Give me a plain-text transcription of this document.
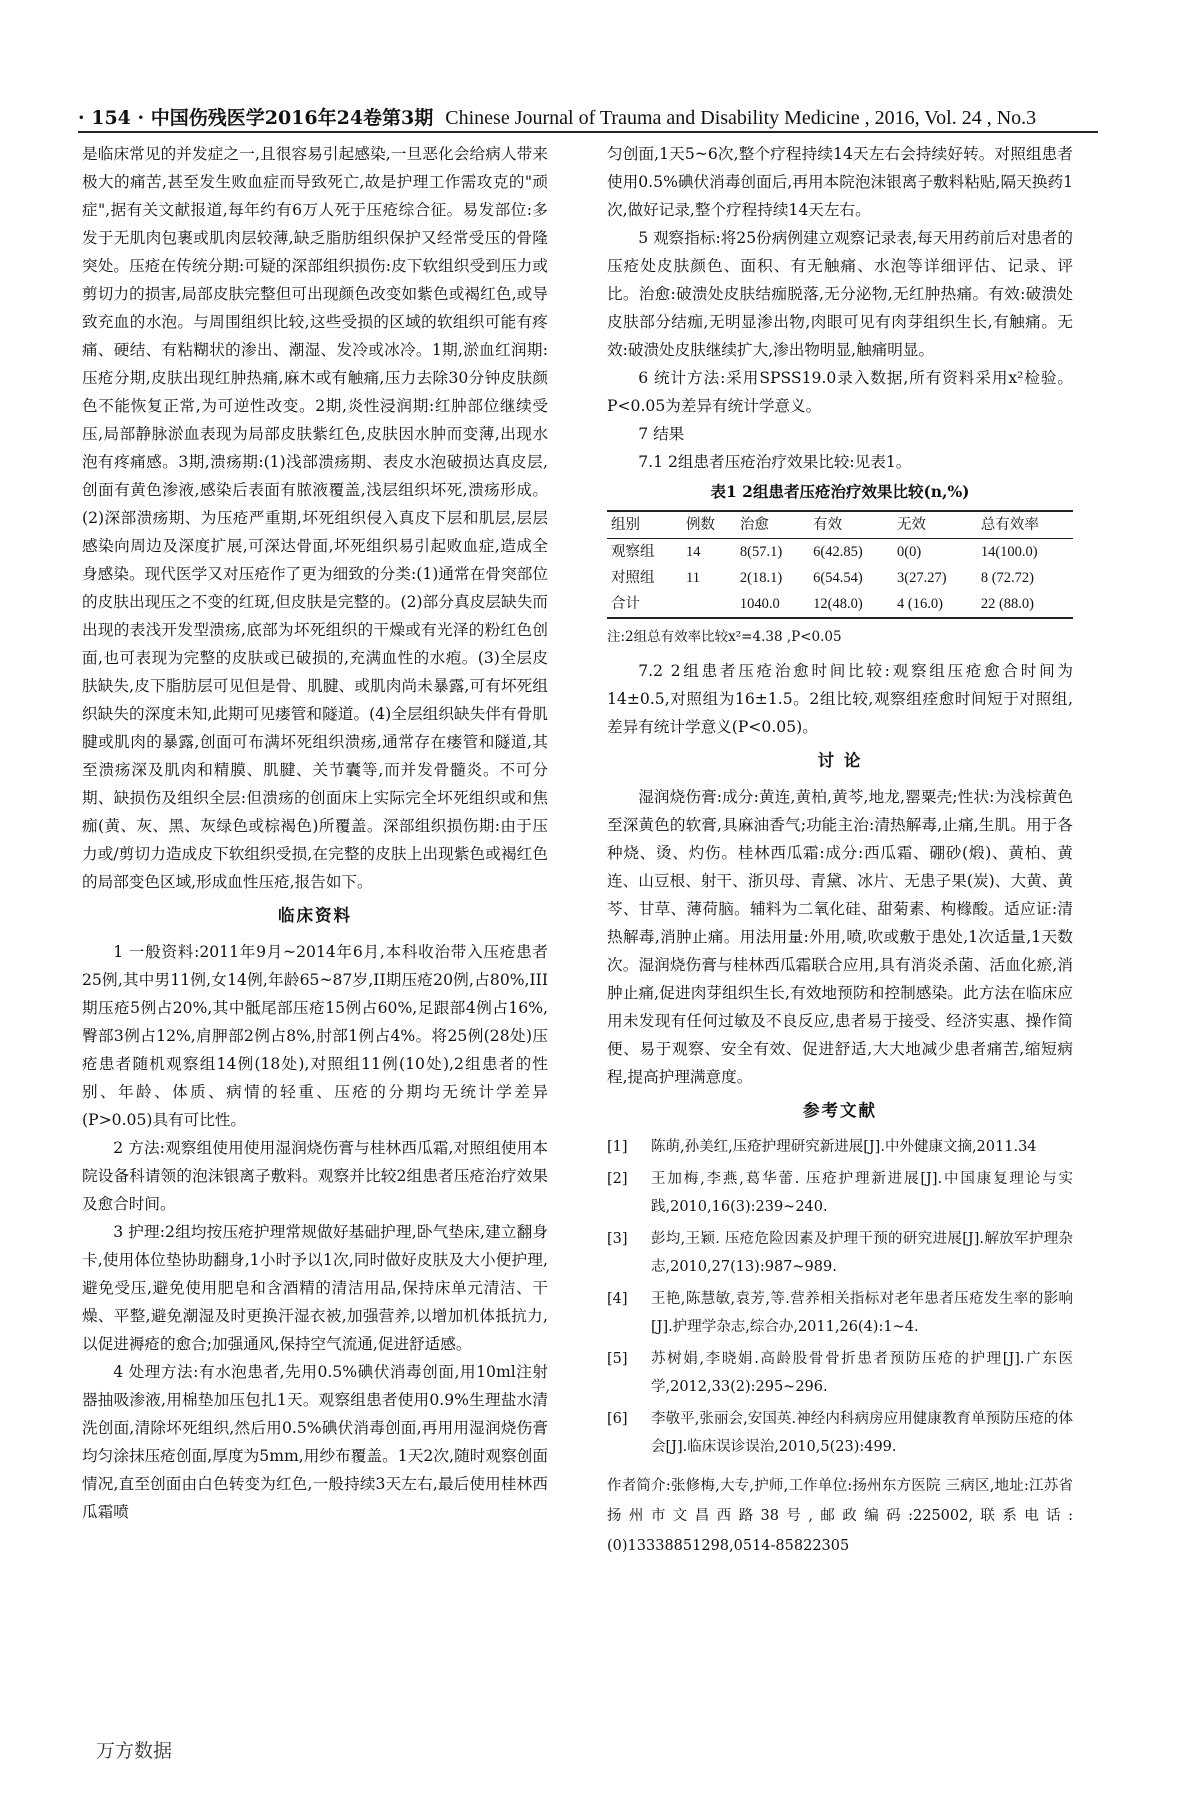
· 154 · 中国伤残医学2016年24卷第3期 Chinese Journal of Trauma and Disability Medicine , 2016, Vol. 24 , No.3

是临床常见的并发症之一,且很容易引起感染,一旦恶化会给病人带来极大的痛苦,甚至发生败血症而导致死亡,故是护理工作需攻克的"顽症",据有关文献报道,每年约有6万人死于压疮综合征。易发部位:多发于无肌肉包裹或肌肉层较薄,缺乏脂肪组织保护又经常受压的骨隆突处。压疮在传统分期:可疑的深部组织损伤:皮下软组织受到压力或剪切力的损害,局部皮肤完整但可出现颜色改变如紫色或褐红色,或导致充血的水泡。与周围组织比较,这些受损的区域的软组织可能有疼痛、硬结、有粘糊状的渗出、潮湿、发冷或冰冷。1期,淤血红润期:压疮分期,皮肤出现红肿热痛,麻木或有触痛,压力去除30分钟皮肤颜色不能恢复正常,为可逆性改变。2期,炎性浸润期:红肿部位继续受压,局部静脉淤血表现为局部皮肤紫红色,皮肤因水肿而变薄,出现水泡有疼痛感。3期,溃疡期:(1)浅部溃疡期、表皮水泡破损达真皮层,创面有黄色渗液,感染后表面有脓液覆盖,浅层组织坏死,溃疡形成。(2)深部溃疡期、为压疮严重期,坏死组织侵入真皮下层和肌层,层层感染向周边及深度扩展,可深达骨面,坏死组织易引起败血症,造成全身感染。现代医学又对压疮作了更为细致的分类:(1)通常在骨突部位的皮肤出现压之不变的红斑,但皮肤是完整的。(2)部分真皮层缺失而出现的表浅开发型溃疡,底部为坏死组织的干燥或有光泽的粉红色创面,也可表现为完整的皮肤或已破损的,充满血性的水疱。(3)全层皮肤缺失,皮下脂肪层可见但是骨、肌腱、或肌肉尚未暴露,可有坏死组织缺失的深度未知,此期可见瘘管和隧道。(4)全层组织缺失伴有骨肌腱或肌肉的暴露,创面可布满坏死组织溃疡,通常存在瘘管和隧道,其至溃疡深及肌肉和精膜、肌腱、关节囊等,而并发骨髓炎。不可分期、缺损伤及组织全层:但溃疡的创面床上实际完全坏死组织或和焦痂(黄、灰、黑、灰绿色或棕褐色)所覆盖。深部组织损伤期:由于压力或/剪切力造成皮下软组织受损,在完整的皮肤上出现紫色或褐红色的局部变色区域,形成血性压疮,报告如下。

临床资料

1 一般资料:2011年9月~2014年6月,本科收治带入压疮患者25例,其中男11例,女14例,年龄65~87岁,II期压疮20例,占80%,III期压疮5例占20%,其中骶尾部压疮15例占60%,足跟部4例占16%,臀部3例占12%,肩胛部2例占8%,肘部1例占4%。将25例(28处)压疮患者随机观察组14例(18处),对照组11例(10处),2组患者的性别、年龄、体质、病情的轻重、压疮的分期均无统计学差异(P>0.05)具有可比性。

2 方法:观察组使用使用湿润烧伤膏与桂林西瓜霜,对照组使用本院设备科请领的泡沫银离子敷料。观察并比较2组患者压疮治疗效果及愈合时间。

3 护理:2组均按压疮护理常规做好基础护理,卧气垫床,建立翻身卡,使用体位垫协助翻身,1小时予以1次,同时做好皮肤及大小便护理,避免受压,避免使用肥皂和含酒精的清洁用品,保持床单元清洁、干燥、平整,避免潮湿及时更换汗湿衣被,加强营养,以增加机体抵抗力,以促进褥疮的愈合;加强通风,保持空气流通,促进舒适感。

4 处理方法:有水泡患者,先用0.5%碘伏消毒创面,用10ml注射器抽吸渗液,用棉垫加压包扎1天。观察组患者使用0.9%生理盐水清洗创面,清除坏死组织,然后用0.5%碘伏消毒创面,再用用湿润烧伤膏均匀涂抹压疮创面,厚度为5mm,用纱布覆盖。1天2次,随时观察创面情况,直至创面由白色转变为红色,一般持续3天左右,最后使用桂林西瓜霜喷

匀创面,1天5~6次,整个疗程持续14天左右会持续好转。对照组患者使用0.5%碘伏消毒创面后,再用本院泡沫银离子敷料粘贴,隔天换药1次,做好记录,整个疗程持续14天左右。

5 观察指标:将25份病例建立观察记录表,每天用药前后对患者的压疮处皮肤颜色、面积、有无触痛、水泡等详细评估、记录、评比。治愈:破溃处皮肤结痂脱落,无分泌物,无红肿热痛。有效:破溃处皮肤部分结痂,无明显渗出物,肉眼可见有肉芽组织生长,有触痛。无效:破溃处皮肤继续扩大,渗出物明显,触痛明显。

6 统计方法:采用SPSS19.0录入数据,所有资料采用x²检验。P<0.05为差异有统计学意义。

7 结果

7.1 2组患者压疮治疗效果比较:见表1。

表1 2组患者压疮治疗效果比较(n,%)
组别	例数	治愈	有效	无效	总有效率
观察组	14	8(57.1)	6(42.85)	0(0)	14(100.0)
对照组	11	2(18.1)	6(54.54)	3(27.27)	8 (72.72)
合计		1040.0	12(48.0)	4 (16.0)	22 (88.0)
注:2组总有效率比较x²=4.38 ,P<0.05

7.2 2组患者压疮治愈时间比较:观察组压疮愈合时间为14±0.5,对照组为16±1.5。2组比较,观察组痊愈时间短于对照组,差异有统计学意义(P<0.05)。

讨 论

湿润烧伤膏:成分:黄连,黄柏,黄芩,地龙,罂粟壳;性状:为浅棕黄色至深黄色的软膏,具麻油香气;功能主治:清热解毒,止痛,生肌。用于各种烧、烫、灼伤。桂林西瓜霜:成分:西瓜霜、硼砂(煅)、黄柏、黄连、山豆根、射干、浙贝母、青黛、冰片、无患子果(炭)、大黄、黄芩、甘草、薄荷脑。辅料为二氧化硅、甜菊素、枸橼酸。适应证:清热解毒,消肿止痛。用法用量:外用,喷,吹或敷于患处,1次适量,1天数次。湿润烧伤膏与桂林西瓜霜联合应用,具有消炎杀菌、活血化瘀,消肿止痛,促进肉芽组织生长,有效地预防和控制感染。此方法在临床应用未发现有任何过敏及不良反应,患者易于接受、经济实惠、操作简便、易于观察、安全有效、促进舒适,大大地减少患者痛苦,缩短病程,提高护理满意度。

参考文献
[1]	陈萌,孙美红,压疮护理研究新进展[J].中外健康文摘,2011.34
[2]	王加梅,李燕,葛华蕾. 压疮护理新进展[J].中国康复理论与实践,2010,16(3):239~240.
[3]	彭均,王颖. 压疮危险因素及护理干预的研究进展[J].解放军护理杂志,2010,27(13):987~989.
[4]	王艳,陈慧敏,袁芳,等.营养相关指标对老年患者压疮发生率的影响[J].护理学杂志,综合办,2011,26(4):1~4.
[5]	苏树娟,李晓娟.高龄股骨骨折患者预防压疮的护理[J].广东医学,2012,33(2):295~296.
[6]	李敬平,张丽会,安国英.神经内科病房应用健康教育单预防压疮的体会[J].临床误诊误治,2010,5(23):499.
作者简介:张修梅,大专,护师,工作单位:扬州东方医院 三病区,地址:江苏省扬州市文昌西路38号,邮政编码:225002,联系电话:(0)13338851298,0514-85822305
万方数据
